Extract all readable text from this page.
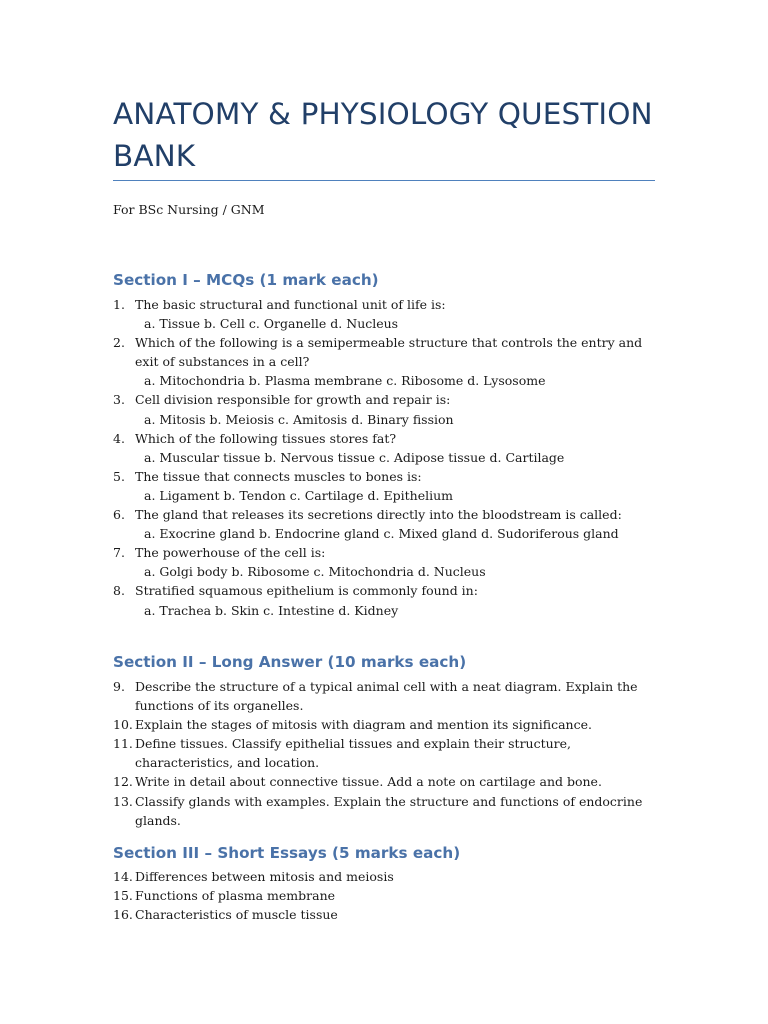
ANATOMY & PHYSIOLOGY QUESTION BANK

For BSc Nursing / GNM

Section I – MCQs (1 mark each)
1. The basic structural and functional unit of life is:
a. Tissue b. Cell c. Organelle d. Nucleus
2. Which of the following is a semipermeable structure that controls the entry and exit of substances in a cell?
a. Mitochondria b. Plasma membrane c. Ribosome d. Lysosome
3. Cell division responsible for growth and repair is:
a. Mitosis b. Meiosis c. Amitosis d. Binary fission
4. Which of the following tissues stores fat?
a. Muscular tissue b. Nervous tissue c. Adipose tissue d. Cartilage
5. The tissue that connects muscles to bones is:
a. Ligament b. Tendon c. Cartilage d. Epithelium
6. The gland that releases its secretions directly into the bloodstream is called:
a. Exocrine gland b. Endocrine gland c. Mixed gland d. Sudoriferous gland
7. The powerhouse of the cell is:
a. Golgi body b. Ribosome c. Mitochondria d. Nucleus
8. Stratified squamous epithelium is commonly found in:
a. Trachea b. Skin c. Intestine d. Kidney
Section II – Long Answer (10 marks each)
9. Describe the structure of a typical animal cell with a neat diagram. Explain the functions of its organelles.
10. Explain the stages of mitosis with diagram and mention its significance.
11. Define tissues. Classify epithelial tissues and explain their structure, characteristics, and location.
12. Write in detail about connective tissue. Add a note on cartilage and bone.
13. Classify glands with examples. Explain the structure and functions of endocrine glands.
Section III – Short Essays (5 marks each)
14. Differences between mitosis and meiosis
15. Functions of plasma membrane
16. Characteristics of muscle tissue
